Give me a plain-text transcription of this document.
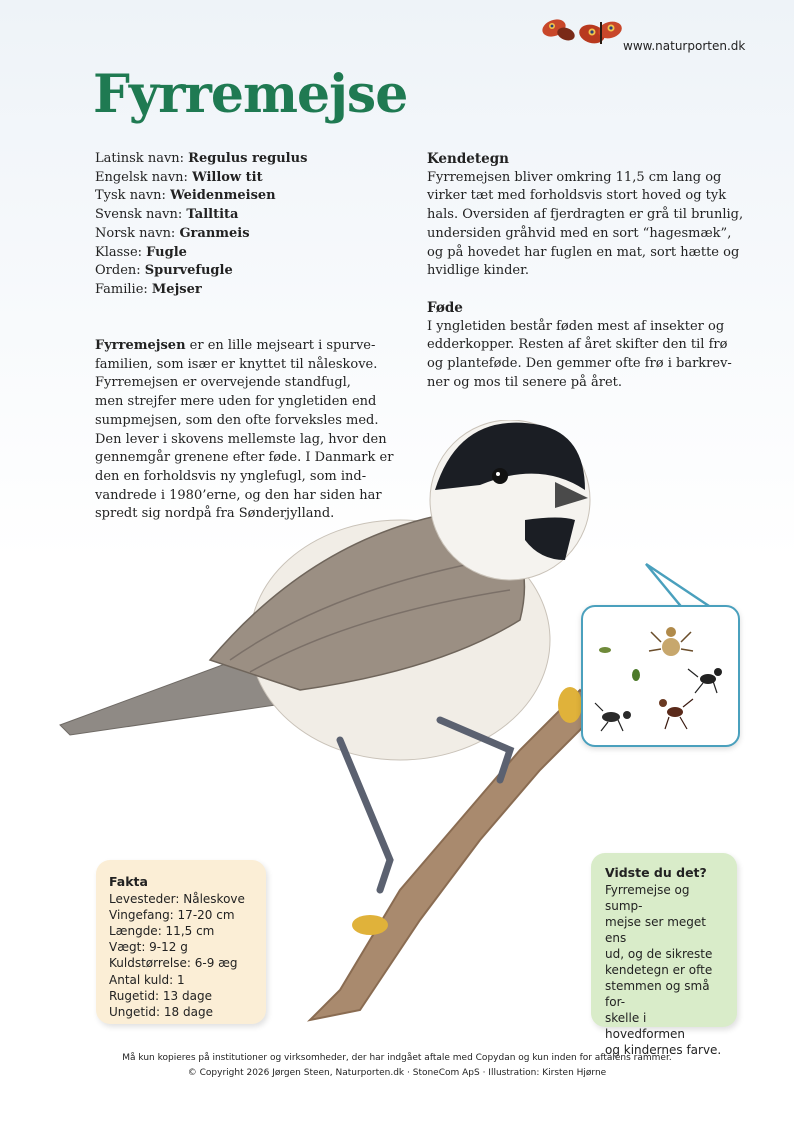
www.naturporten.dk
Fyrremejse
Latinsk navn: Regulus regulus
Engelsk navn: Willow tit
Tysk navn: Weidenmeisen
Svensk navn: Talltita
Norsk navn: Granmeis
Klasse: Fugle
Orden: Spurvefugle
Familie: Mejser
Kendetegn

Fyrremejsen bliver omkring 11,5 cm lang og
virker tæt med forholdsvis stort hoved og tyk
hals. Oversiden af fjerdragten er grå til brunlig,
undersiden gråhvid med en sort “hagesmæk”,
og på hovedet har fuglen en mat, sort hætte og
hvidlige kinder.

Føde

I yngletiden består føden mest af insekter og
edderkopper. Resten af året skifter den til frø
og planteføde. Den gemmer ofte frø i barkrev-
ner og mos til senere på året.

Fyrremejsen er en lille mejseart i spurve-
familien, som især er knyttet til nåleskove.
Fyrremejsen er overvejende standfugl,
men strejfer mere uden for yngletiden end
sumpmejsen, som den ofte forveksles med.
Den lever i skovens mellemste lag, hvor den
gennemgår grenene efter føde. I Danmark er
den en forholdsvis ny ynglefugl, som ind-
vandrede i 1980’erne, og den har siden har
spredt sig nordpå fra Sønderjylland.

Fakta
Levesteder: Nåleskove
Vingefang: 17-20 cm
Længde: 11,5 cm
Vægt: 9-12 g
Kuldstørrelse: 6-9 æg
Antal kuld: 1
Rugetid: 13 dage
Ungetid: 18 dage
Vidste du det?

Fyrremejse og sump-
mejse ser meget ens
ud, og de sikreste
kendetegn er ofte
stemmen og små for-
skelle i hovedformen
og kindernes farve.

Må kun kopieres på institutioner og virksomheder, der har indgået aftale med Copydan og kun inden for aftalens rammer.
© Copyright 2026 Jørgen Steen, Naturporten.dk · StoneCom ApS · Illustration: Kirsten Hjørne
